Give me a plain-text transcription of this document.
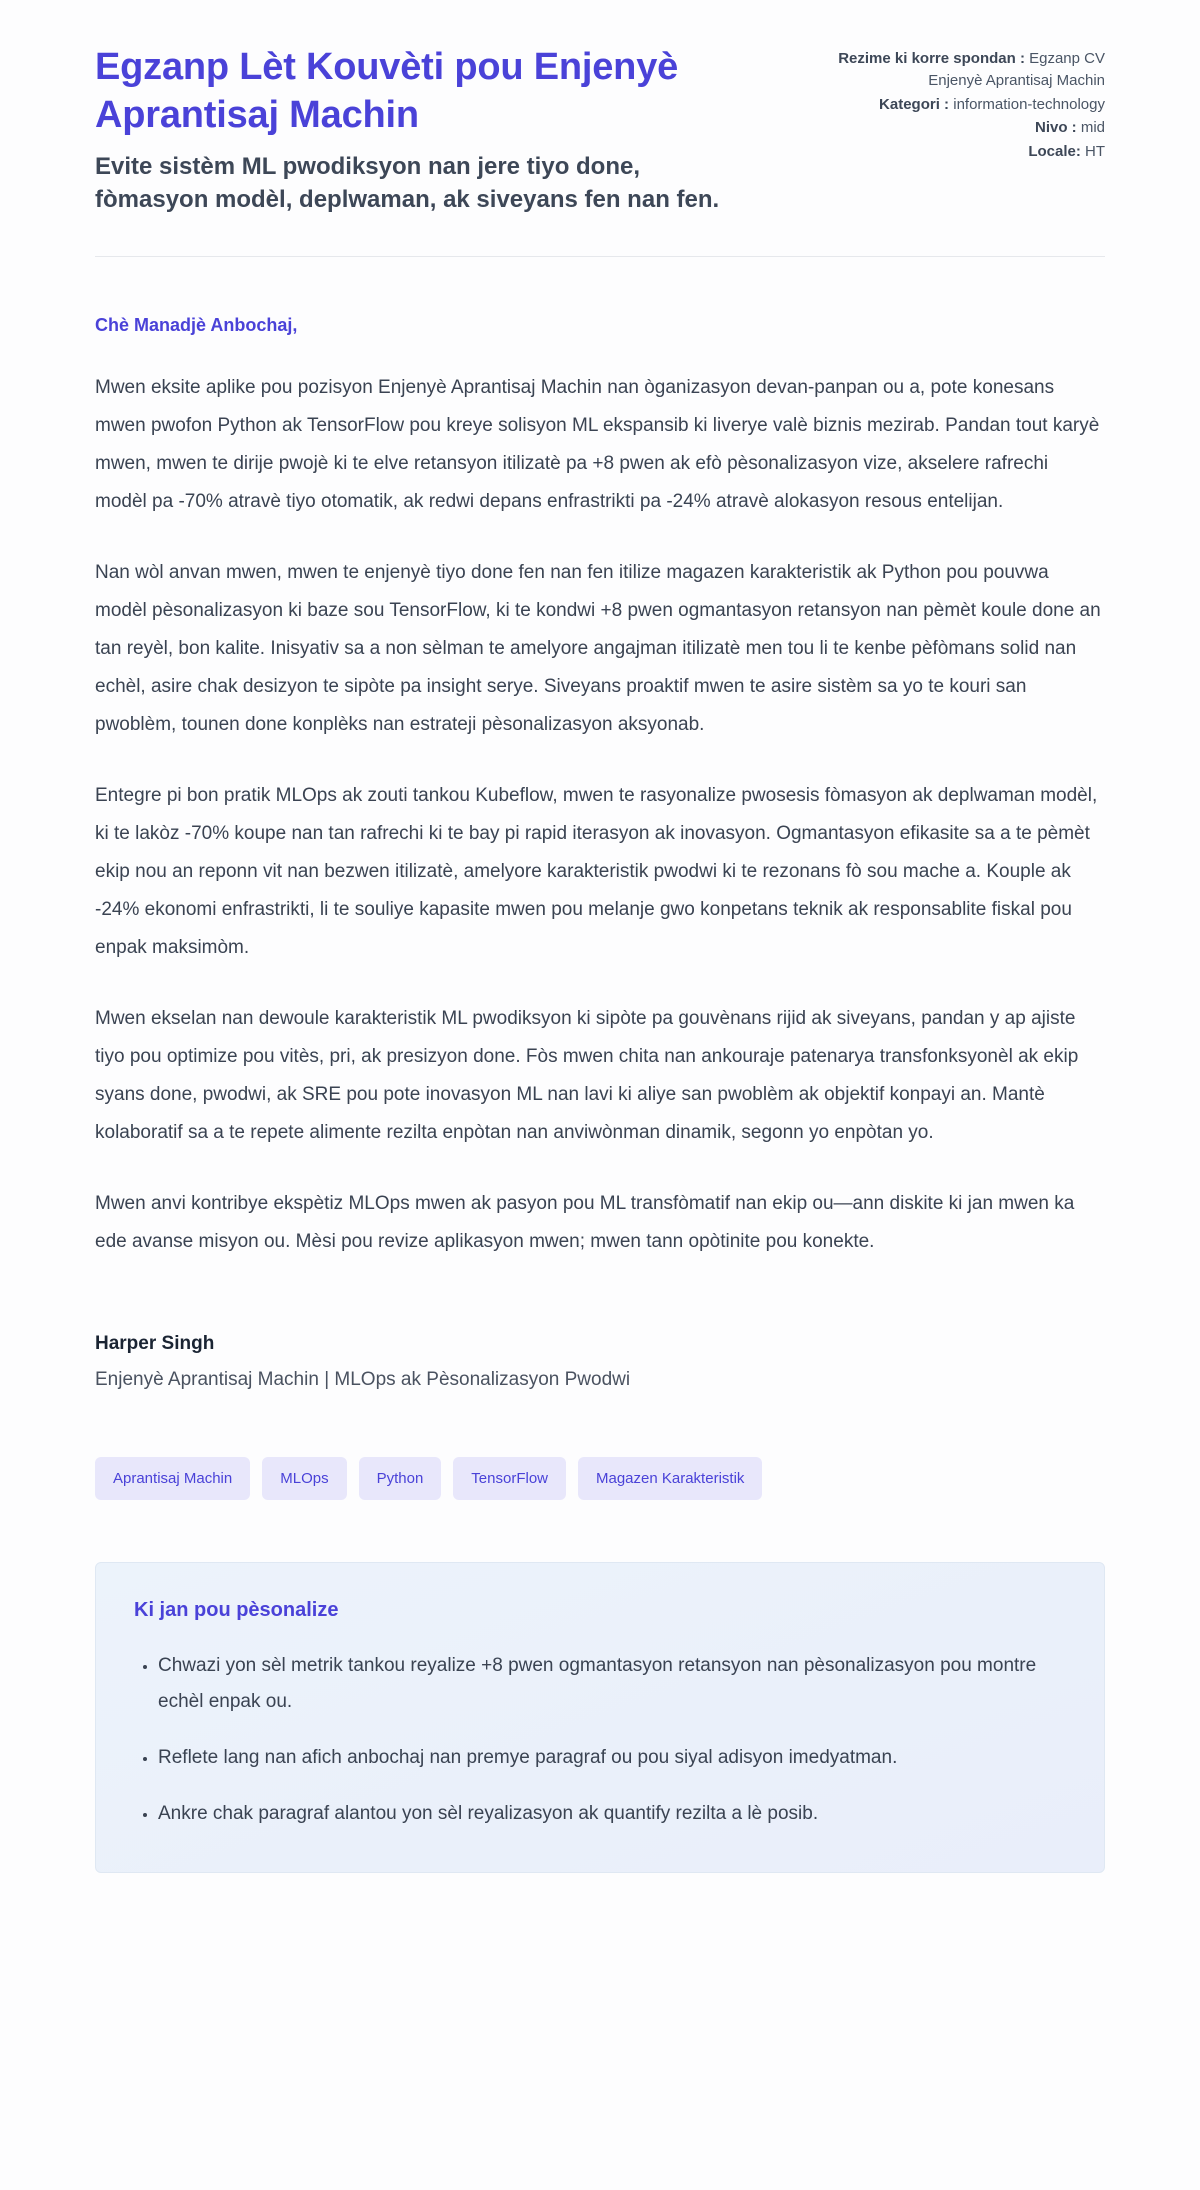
Egzanp Lèt Kouvèti pou Enjenyè Aprantisaj Machin
Evite sistèm ML pwodiksyon nan jere tiyo done, fòmasyon modèl, deplwaman, ak siveyans fen nan fen.

Rezime ki korre spondan : Egzanp CV Enjenyè Aprantisaj Machin

Kategori : information-technology

Nivo : mid

Locale: HT

Chè Manadjè Anbochaj,

Mwen eksite aplike pou pozisyon Enjenyè Aprantisaj Machin nan òganizasyon devan-panpan ou a, pote konesans mwen pwofon Python ak TensorFlow pou kreye solisyon ML ekspansib ki liverye valè biznis mezirab. Pandan tout karyè mwen, mwen te dirije pwojè ki te elve retansyon itilizatè pa +8 pwen ak efò pèsonalizasyon vize, akselere rafrechi modèl pa -70% atravè tiyo otomatik, ak redwi depans enfrastrikti pa -24% atravè alokasyon resous entelijan.

Nan wòl anvan mwen, mwen te enjenyè tiyo done fen nan fen itilize magazen karakteristik ak Python pou pouvwa modèl pèsonalizasyon ki baze sou TensorFlow, ki te kondwi +8 pwen ogmantasyon retansyon nan pèmèt koule done an tan reyèl, bon kalite. Inisyativ sa a non sèlman te amelyore angajman itilizatè men tou li te kenbe pèfòmans solid nan echèl, asire chak desizyon te sipòte pa insight serye. Siveyans proaktif mwen te asire sistèm sa yo te kouri san pwoblèm, tounen done konplèks nan estrateji pèsonalizasyon aksyonab.

Entegre pi bon pratik MLOps ak zouti tankou Kubeflow, mwen te rasyonalize pwosesis fòmasyon ak deplwaman modèl, ki te lakòz -70% koupe nan tan rafrechi ki te bay pi rapid iterasyon ak inovasyon. Ogmantasyon efikasite sa a te pèmèt ekip nou an reponn vit nan bezwen itilizatè, amelyore karakteristik pwodwi ki te rezonans fò sou mache a. Kouple ak -24% ekonomi enfrastrikti, li te souliye kapasite mwen pou melanje gwo konpetans teknik ak responsablite fiskal pou enpak maksimòm.

Mwen ekselan nan dewoule karakteristik ML pwodiksyon ki sipòte pa gouvènans rijid ak siveyans, pandan y ap ajiste tiyo pou optimize pou vitès, pri, ak presizyon done. Fòs mwen chita nan ankouraje patenarya transfonksyonèl ak ekip syans done, pwodwi, ak SRE pou pote inovasyon ML nan lavi ki aliye san pwoblèm ak objektif konpayi an. Mantè kolaboratif sa a te repete alimente rezilta enpòtan nan anviwònman dinamik, segonn yo enpòtan yo.

Mwen anvi kontribye ekspètiz MLOps mwen ak pasyon pou ML transfòmatif nan ekip ou—ann diskite ki jan mwen ka ede avanse misyon ou. Mèsi pou revize aplikasyon mwen; mwen tann opòtinite pou konekte.

Harper Singh

Enjenyè Aprantisaj Machin | MLOps ak Pèsonalizasyon Pwodwi

Aprantisaj Machin	MLOps	Python	TensorFlow	Magazen Karakteristik
Ki jan pou pèsonalize
• Chwazi yon sèl metrik tankou reyalize +8 pwen ogmantasyon retansyon nan pèsonalizasyon pou montre echèl enpak ou.
• Reflete lang nan afich anbochaj nan premye paragraf ou pou siyal adisyon imedyatman.
• Ankre chak paragraf alantou yon sèl reyalizasyon ak quantify rezilta a lè posib.
